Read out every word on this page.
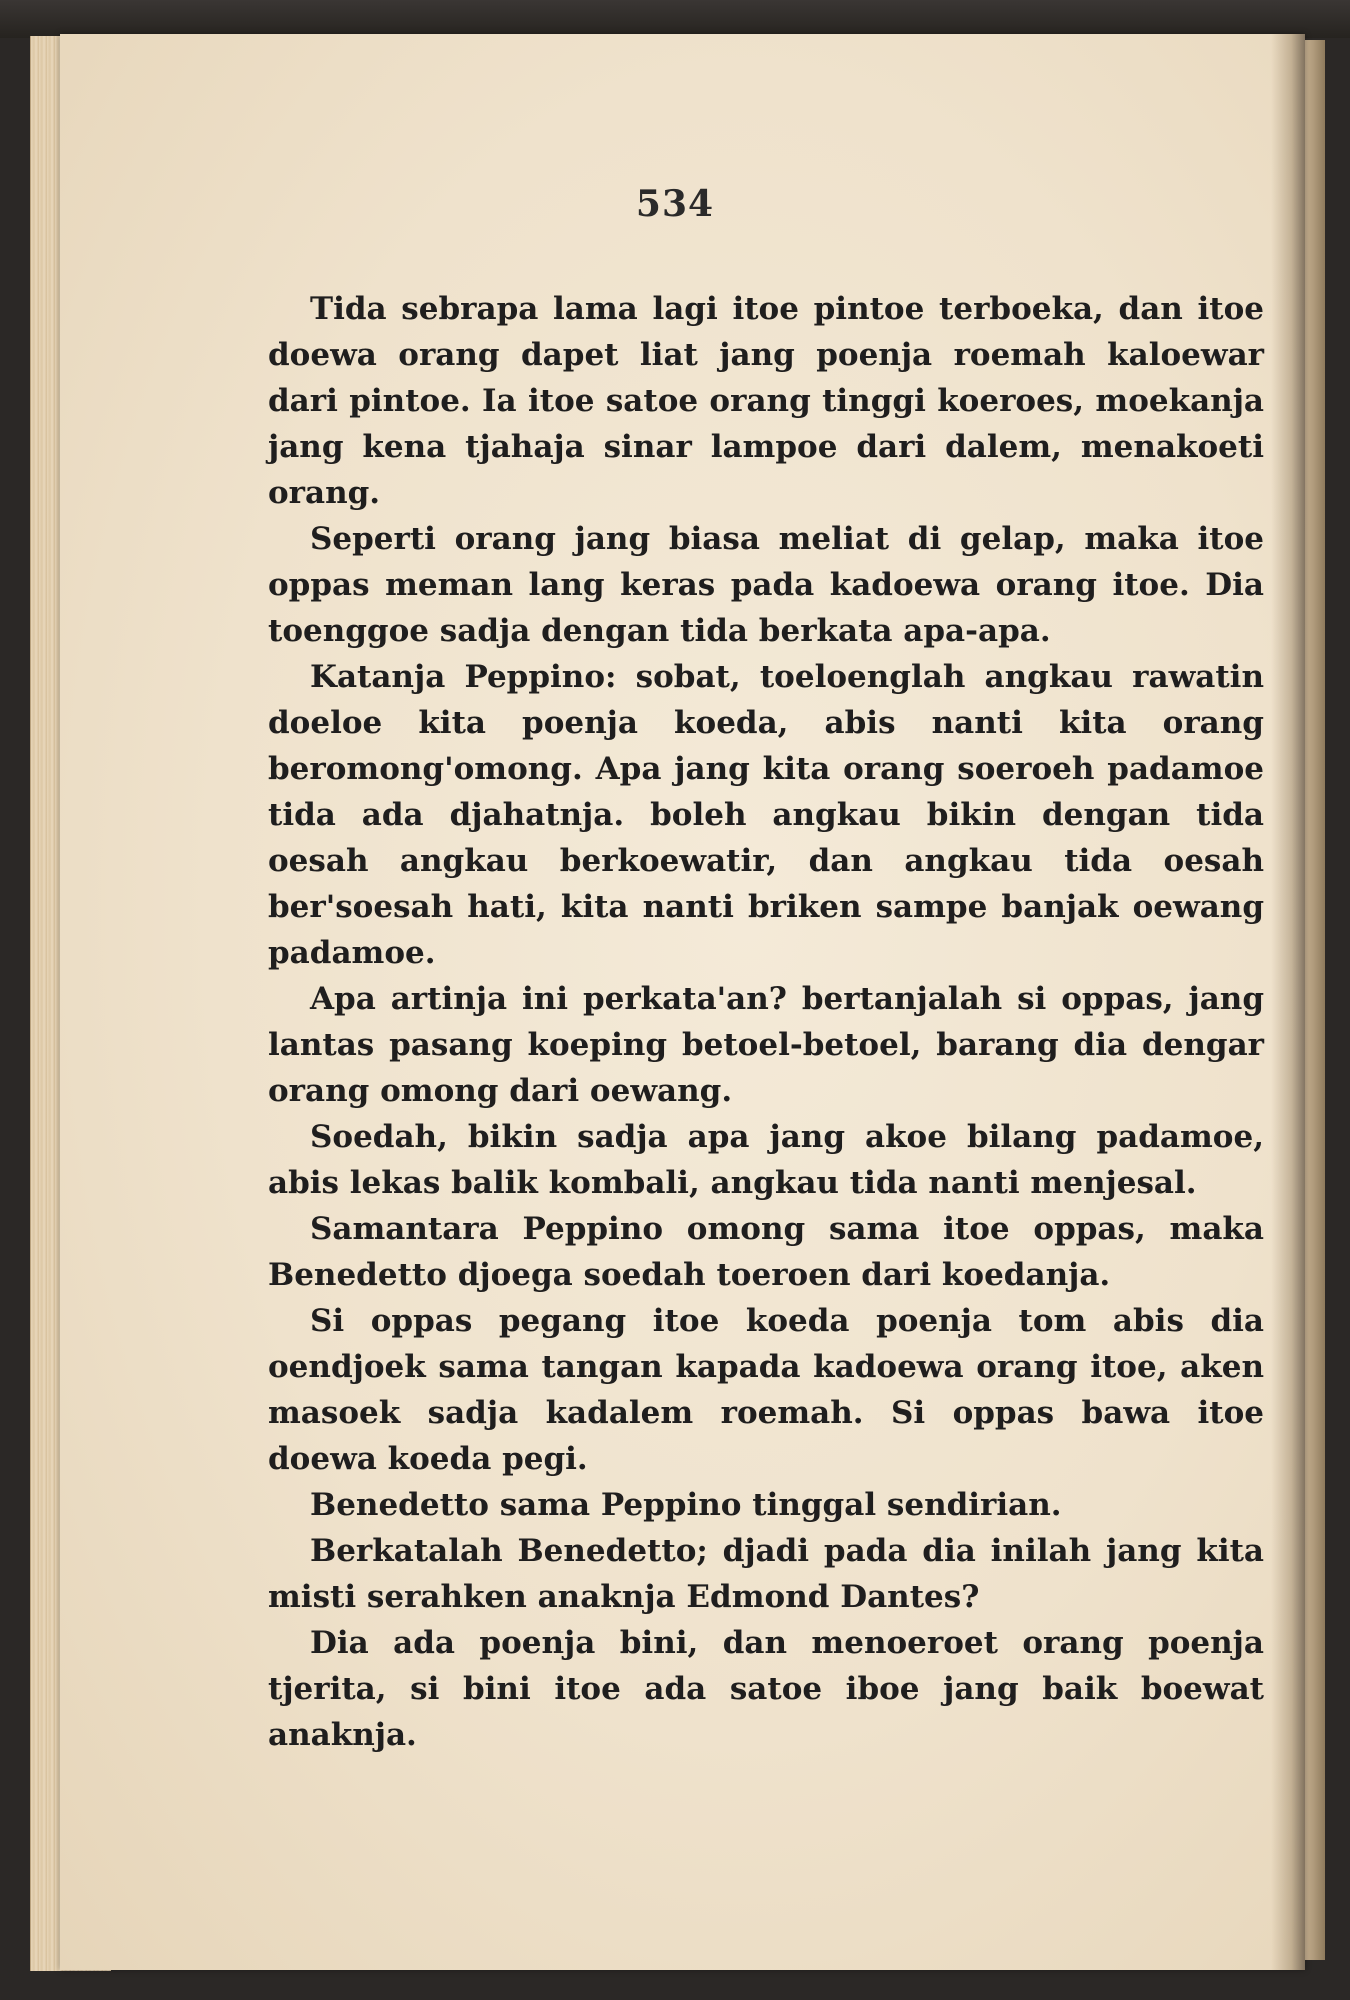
534

Tida sebrapa lama lagi itoe pintoe terboeka, dan itoe doewa orang dapet liat jang poenja roemah kaloewar dari pintoe. Ia itoe satoe orang tinggi koeroes, moekanja jang kena tjahaja sinar lampoe dari dalem, menakoeti orang.

Seperti orang jang biasa meliat di gelap, maka itoe oppas meman lang keras pada kadoewa orang itoe. Dia toenggoe sadja dengan tida berkata apa-apa.

Katanja Peppino: sobat, toeloenglah angkau rawatin doeloe kita poenja koeda, abis nanti kita orang beromong'omong. Apa jang kita orang soeroeh padamoe tida ada djahatnja. boleh angkau bikin dengan tida oesah angkau berkoewatir, dan angkau tida oesah ber'soesah hati, kita nanti briken sampe banjak oewang padamoe.

Apa artinja ini perkata'an? bertanjalah si oppas, jang lantas pasang koeping betoel-betoel, barang dia dengar orang omong dari oewang.

Soedah, bikin sadja apa jang akoe bilang padamoe, abis lekas balik kombali, angkau tida nanti menjesal.

Samantara Peppino omong sama itoe oppas, maka Benedetto djoega soedah toeroen dari koedanja.

Si oppas pegang itoe koeda poenja tom abis dia oendjoek sama tangan kapada kadoewa orang itoe, aken masoek sadja kadalem roemah. Si oppas bawa itoe doewa koeda pegi.

Benedetto sama Peppino tinggal sendirian.

Berkatalah Benedetto; djadi pada dia inilah jang kita misti serahken anaknja Edmond Dantes?

Dia ada poenja bini, dan menoeroet orang poenja tjerita, si bini itoe ada satoe iboe jang baik boewat anaknja.
